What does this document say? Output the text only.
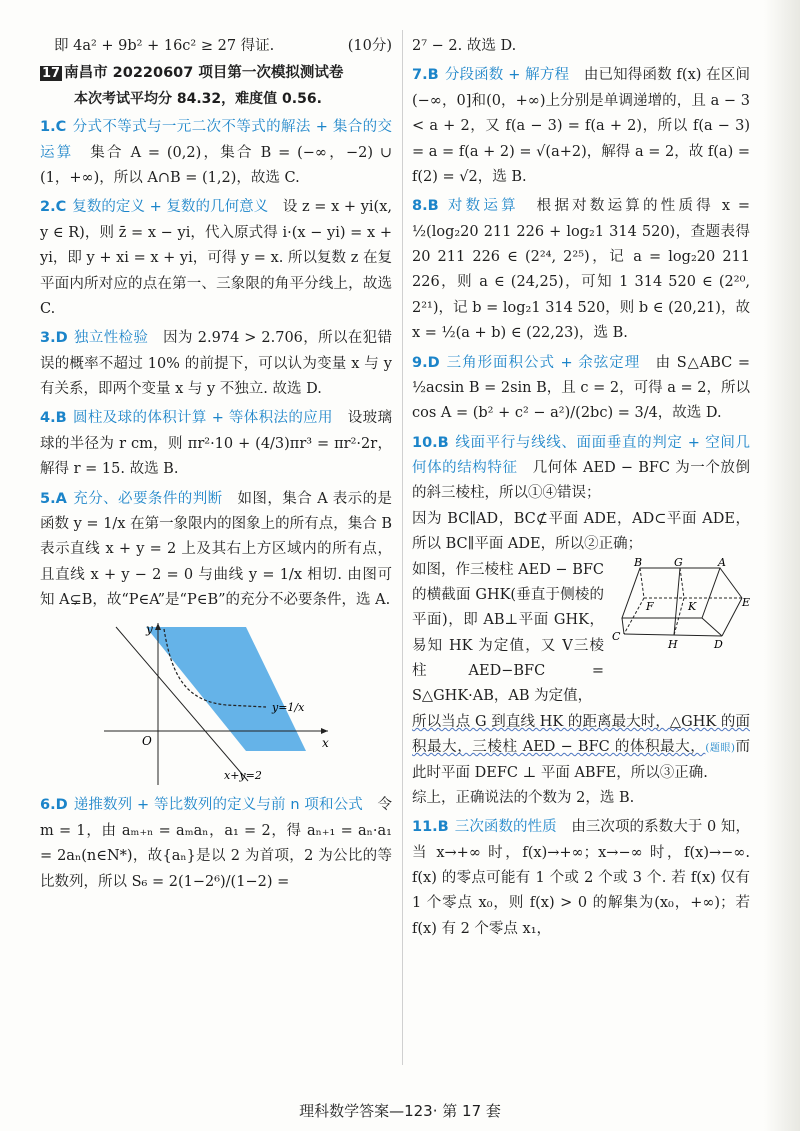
即 4a² + 9b² + 16c² ≥ 27 得证.	(10分)

17 南昌市 20220607 项目第一次模拟测试卷
本次考试平均分 84.32，难度值 0.56.

1.C 分式不等式与一元二次不等式的解法 + 集合的交运算　 集合 A = (0,2)，集合 B = (−∞，−2) ∪ (1，+∞)，所以 A∩B = (1,2)，故选 C.

2.C 复数的定义 + 复数的几何意义　 设 z = x + yi(x, y ∈ R)，则 z̄ = x − yi，代入原式得 i·(x − yi) = x + yi，即 y + xi = x + yi，可得 y = x. 所以复数 z 在复平面内所对应的点在第一、三象限的角平分线上，故选 C.

3.D 独立性检验　 因为 2.974 > 2.706，所以在犯错误的概率不超过 10% 的前提下，可以认为变量 x 与 y 有关系，即两个变量 x 与 y 不独立. 故选 D.

4.B 圆柱及球的体积计算 + 等体积法的应用　 设玻璃球的半径为 r cm，则 πr²·10 + (4/3)πr³ = πr²·2r，解得 r = 15. 故选 B.

5.A 充分、必要条件的判断　 如图，集合 A 表示的是函数 y = 1/x 在第一象限内的图象上的所有点，集合 B 表示直线 x + y = 2 上及其右上方区域内的所有点，且直线 x + y − 2 = 0 与曲线 y = 1/x 相切. 由图可知 A⊊B，故“P∈A”是“P∈B”的充分不必要条件，选 A.

y
x
O
y=1/x
x+y=2

6.D 递推数列 + 等比数列的定义与前 n 项和公式　 令 m = 1，由 aₘ₊ₙ = aₘaₙ，a₁ = 2，得 aₙ₊₁ = aₙ·a₁ = 2aₙ(n∈N*)，故{aₙ}是以 2 为首项，2 为公比的等比数列，所以 S₆ = 2(1−2⁶)/(1−2) =

2⁷ − 2. 故选 D.

7.B 分段函数 + 解方程　 由已知得函数 f(x) 在区间(−∞，0]和(0，+∞)上分别是单调递增的，且 a − 3 < a + 2，又 f(a − 3) = f(a + 2)，所以 f(a − 3) = a = f(a + 2) = √(a+2)，解得 a = 2，故 f(a) = f(2) = √2，选 B.

8.B 对数运算　 根据对数运算的性质得 x = ½(log₂20 211 226 + log₂1 314 520)，查题表得 20 211 226 ∈ (2²⁴, 2²⁵)，记 a = log₂20 211 226，则 a ∈ (24,25)，可知 1 314 520 ∈ (2²⁰, 2²¹)，记 b = log₂1 314 520，则 b ∈ (20,21)，故 x = ½(a + b) ∈ (22,23)，选 B.

9.D 三角形面积公式 + 余弦定理　 由 S△ABC = ½acsin B = 2sin B，且 c = 2，可得 a = 2，所以 cos A = (b² + c² − a²)/(2bc) = 3/4，故选 D.

10.B 线面平行与线线、面面垂直的判定 + 空间几何体的结构特征　 几何体 AED − BFC 为一个放倒的斜三棱柱，所以①④错误；

因为 BC∥AD，BC⊄平面 ADE，AD⊂平面 ADE，所以 BC∥平面 ADE，所以②正确；

如图，作三棱柱 AED − BFC 的横截面 GHK(垂直于侧棱的平面)，即 AB⊥平面 GHK，易知 HK 为定值，又 V三棱柱AED−BFC = S△GHK·AB，AB 为定值，

B	G	A
F	K	E
C
H	D

所以当点 G 到直线 HK 的距离最大时，△GHK 的面积最大，三棱柱 AED − BFC 的体积最大，(题眼)而此时平面 DEFC ⊥ 平面 ABFE，所以③正确.

综上，正确说法的个数为 2，选 B.

11.B 三次函数的性质　 由三次项的系数大于 0 知，当 x→+∞ 时，f(x)→+∞；x→−∞ 时，f(x)→−∞. f(x) 的零点可能有 1 个或 2 个或 3 个. 若 f(x) 仅有 1 个零点 x₀，则 f(x) > 0 的解集为(x₀，+∞)；若 f(x) 有 2 个零点 x₁，

理科数学答案—123· 第 17 套
